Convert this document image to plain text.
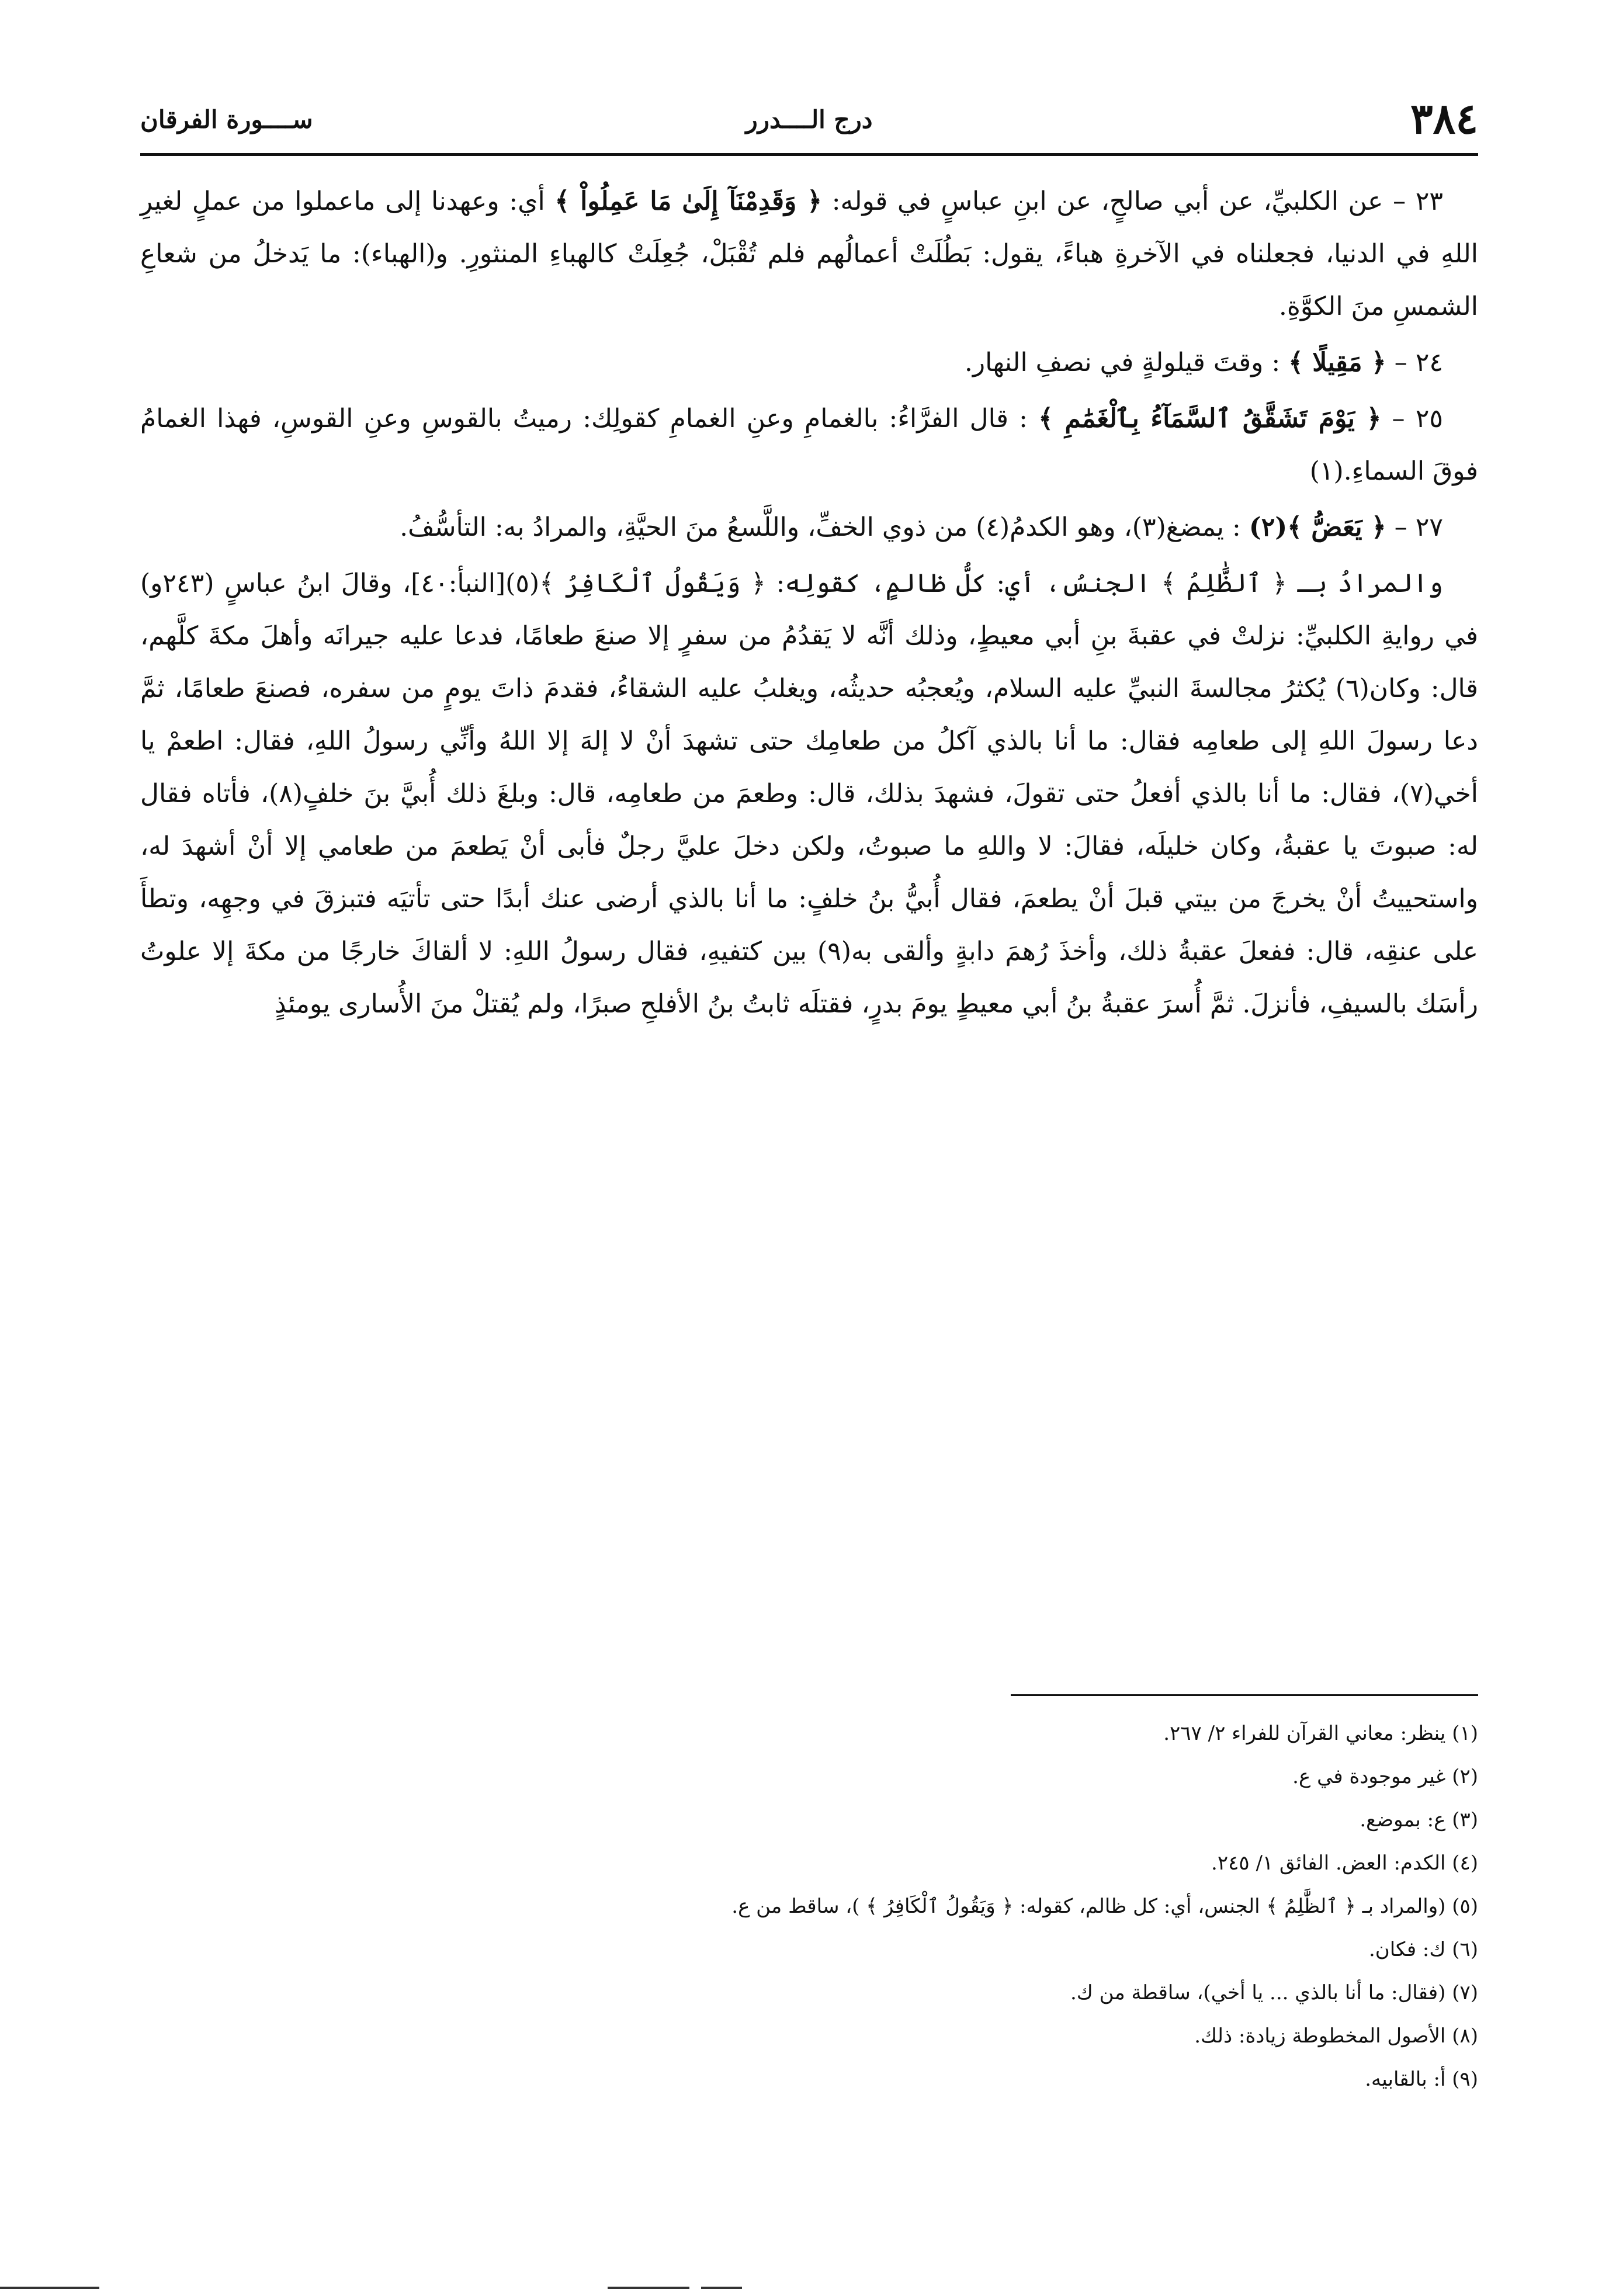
٣٨٤
درج الــــدرر
ســــورة الفرقان

٢٣ – عن الكلبيِّ، عن أبي صالحٍ، عن ابنِ عباسٍ في قوله: ﴿ وَقَدِمْنَآ إِلَىٰ مَا عَمِلُواْ ﴾ أي: وعهدنا إلى ماعملوا من عملٍ لغيرِ اللهِ في الدنيا، فجعلناه في الآخرةِ هباءً، يقول: بَطُلَتْ أعمالُهم فلم تُقْبَلْ، جُعِلَتْ كالهباءِ المنثورِ. و(الهباء): ما يَدخلُ من شعاعِ الشمسِ منَ الكوَّةِ.

٢٤ – ﴿ مَقِيلًا ﴾ : وقتَ قيلولةٍ في نصفِ النهار.

٢٥ – ﴿ يَوْمَ تَشَقَّقُ ٱلسَّمَآءُ بِٱلْغَمَٰمِ ﴾ : قال الفرَّاءُ: بالغمامِ وعنِ الغمامِ كقولِك: رميتُ بالقوسِ وعنِ القوسِ، فهذا الغمامُ فوقَ السماءِ.(١)

٢٧ – ﴿ يَعَضُّ ﴾(٢) : يمضغ(٣)، وهو الكدمُ(٤) من ذوي الخفِّ، واللَّسعُ منَ الحيَّةِ، والمرادُ به: التأسُّفُ.

والمرادُ بـ ﴿ ٱلظَّٰلِمُ ﴾ الجنسُ، أي: كلُّ ظالمٍ، كقولِه: ﴿ وَيَقُولُ ٱلْكَافِرُ ﴾(٥)[النبأ:٤٠]، وقالَ ابنُ عباسٍ (٢٤٣و) في روايةِ الكلبيِّ: نزلتْ في عقبةَ بنِ أبي معيطٍ، وذلك أنَّه لا يَقدُمُ من سفرٍ إلا صنعَ طعامًا، فدعا عليه جيرانَه وأهلَ مكةَ كلَّهم، قال: وكان(٦) يُكثرُ مجالسةَ النبيِّ عليه السلام، ويُعجبُه حديثُه، ويغلبُ عليه الشقاءُ، فقدمَ ذاتَ يومٍ من سفره، فصنعَ طعامًا، ثمَّ دعا رسولَ اللهِ إلى طعامِه فقال: ما أنا بالذي آكلُ من طعامِك حتى تشهدَ أنْ لا إلهَ إلا اللهُ وأنِّي رسولُ اللهِ، فقال: اطعمْ يا أخي(٧)، فقال: ما أنا بالذي أفعلُ حتى تقولَ، فشهدَ بذلك، قال: وطعمَ من طعامِه، قال: وبلغَ ذلك أُبيَّ بنَ خلفٍ(٨)، فأتاه فقال له: صبوتَ يا عقبةُ، وكان خليلَه، فقالَ: لا واللهِ ما صبوتُ، ولكن دخلَ عليَّ رجلٌ فأبى أنْ يَطعمَ من طعامي إلا أنْ أشهدَ له، واستحييتُ أنْ يخرجَ من بيتي قبلَ أنْ يطعمَ، فقال أُبيُّ بنُ خلفٍ: ما أنا بالذي أرضى عنك أبدًا حتى تأتيَه فتبزقَ في وجهِه، وتطأَ على عنقِه، قال: ففعلَ عقبةُ ذلك، وأخذَ رُهمَ دابةٍ وألقى به(٩) بين كتفيهِ، فقال رسولُ اللهِ: لا ألقاكَ خارجًا من مكةَ إلا علوتُ رأسَك بالسيفِ، فأنزلَ. ثمَّ أُسرَ عقبةُ بنُ أبي معيطٍ يومَ بدرٍ، فقتلَه ثابتُ بنُ الأفلحِ صبرًا، ولم يُقتلْ منَ الأُسارى يومئذٍ

(١) ينظر: معاني القرآن للفراء ٢/ ٢٦٧.

(٢) غير موجودة في ع.

(٣) ع: بموضع.

(٤) الكدم: العض. الفائق ١/ ٢٤٥.

(٥) (والمراد بـ ﴿ ٱلظَّٰلِمُ ﴾ الجنس، أي: كل ظالم، كقوله: ﴿ وَيَقُولُ ٱلْكَافِرُ ﴾ )، ساقط من ع.

(٦) ك: فكان.

(٧) (فقال: ما أنا بالذي ... يا أخي)، ساقطة من ك.

(٨) الأصول المخطوطة زيادة: ذلك.

(٩) أ: بالقابيه.
